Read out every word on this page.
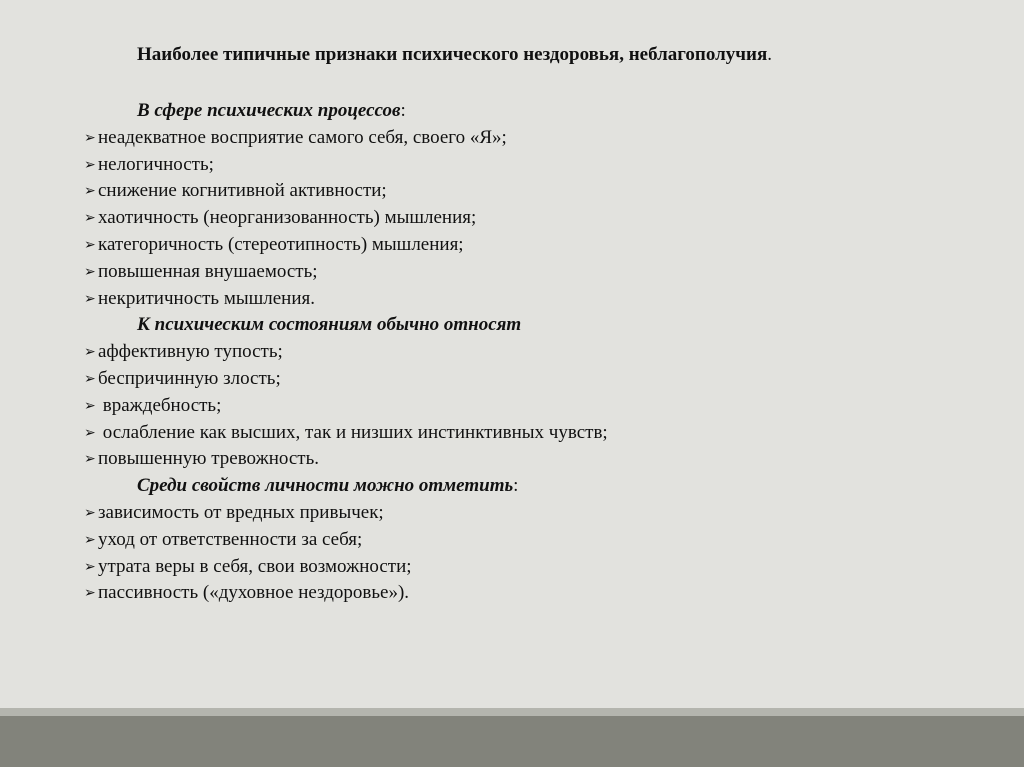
Наиболее типичные признаки психического нездоровья, неблагополучия.
В сфере психических процессов:
➢ неадекватное восприятие самого себя, своего «Я»;
➢ нелогичность;
➢ снижение когнитивной активности;
➢ хаотичность (неорганизованность) мышления;
➢ категоричность (стереотипность) мышления;
➢ повышенная внушаемость;
➢ некритичность мышления.
К психическим состояниям обычно относят
➢ аффективную тупость;
➢ беспричинную злость;
➢ враждебность;
➢ ослабление как высших, так и низших инстинктивных чувств;
➢ повышенную тревожность.
Среди свойств личности можно отметить:
➢ зависимость от вредных привычек;
➢ уход от ответственности за себя;
➢ утрата веры в себя, свои возможности;
➢ пассивность («духовное нездоровье»).
